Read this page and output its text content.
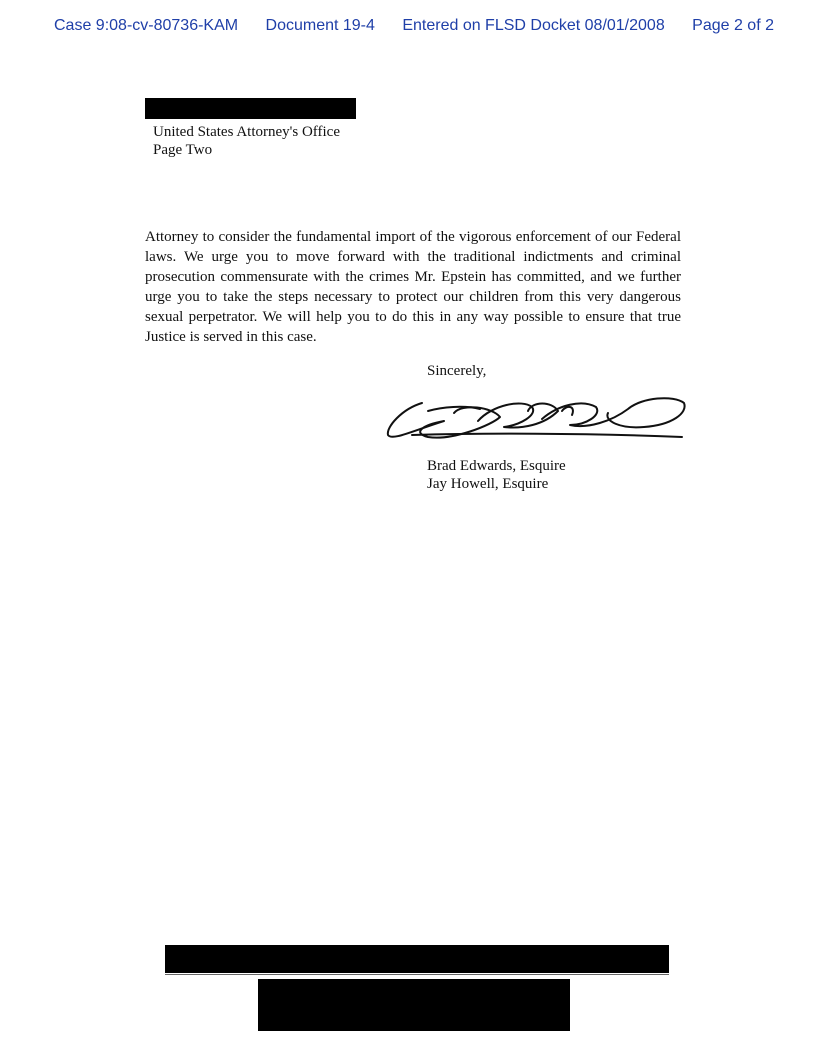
Case 9:08-cv-80736-KAM Document 19-4 Entered on FLSD Docket 08/01/2008 Page 2 of 2
United States Attorney's Office
Page Two

Attorney to consider the fundamental import of the vigorous enforcement of our Federal laws. We urge you to move forward with the traditional indictments and criminal prosecution commensurate with the crimes Mr. Epstein has committed, and we further urge you to take the steps necessary to protect our children from this very dangerous sexual perpetrator. We will help you to do this in any way possible to ensure that true Justice is served in this case.

Sincerely,
Brad Edwards, Esquire
Jay Howell, Esquire
